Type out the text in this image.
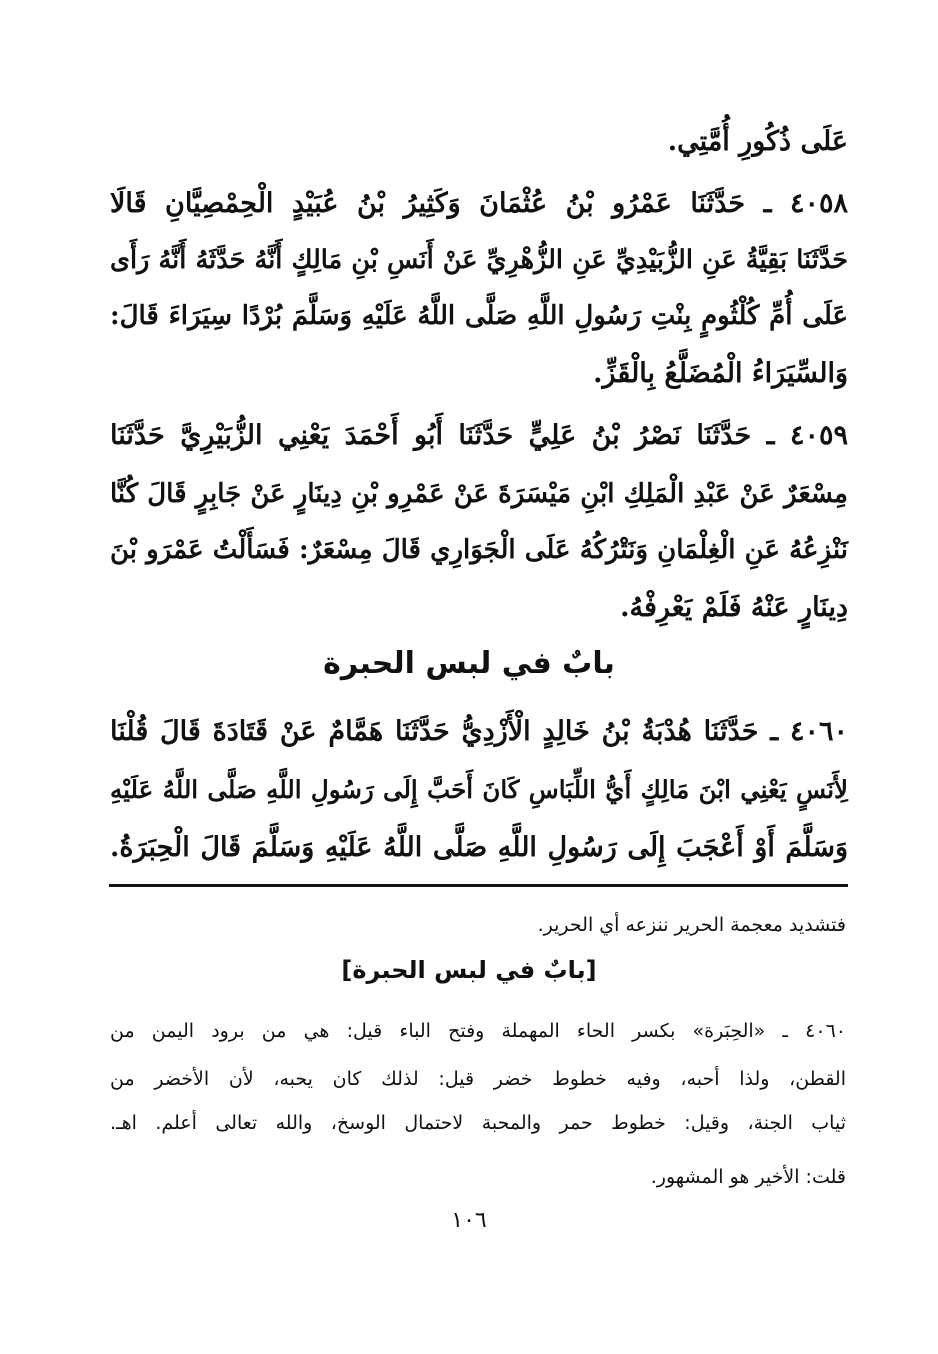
عَلَى ذُكُورِ أُمَّتِي.
٤٠٥٨ ـ حَدَّثَنَا عَمْرُو بْنُ عُثْمَانَ وَكَثِيرُ بْنُ عُبَيْدٍ الْحِمْصِيَّانِ قَالَا
حَدَّثَنَا بَقِيَّةُ عَنِ الزُّبَيْدِيِّ عَنِ الزُّهْرِيِّ عَنْ أَنَسِ بْنِ مَالِكٍ أَنَّهُ حَدَّثَهُ أَنَّهُ رَأَى
عَلَى أُمِّ كُلْثُومٍ بِنْتِ رَسُولِ اللَّهِ صَلَّى اللَّهُ عَلَيْهِ وَسَلَّمَ بُرْدًا سِيَرَاءَ قَالَ:
وَالسِّيَرَاءُ الْمُضَلَّعُ بِالْقَزِّ.
٤٠٥٩ ـ حَدَّثَنَا نَصْرُ بْنُ عَلِيٍّ حَدَّثَنَا أَبُو أَحْمَدَ يَعْنِي الزُّبَيْرِيَّ حَدَّثَنَا
مِسْعَرٌ عَنْ عَبْدِ الْمَلِكِ ابْنِ مَيْسَرَةَ عَنْ عَمْرِو بْنِ دِينَارٍ عَنْ جَابِرٍ قَالَ كُنَّا
نَنْزِعُهُ عَنِ الْغِلْمَانِ وَنَتْرُكُهُ عَلَى الْجَوَارِي قَالَ مِسْعَرٌ: فَسَأَلْتُ عَمْرَو بْنَ
دِينَارٍ عَنْهُ فَلَمْ يَعْرِفْهُ.
بابٌ في لبس الحبرة
٤٠٦٠ ـ حَدَّثَنَا هُدْبَةُ بْنُ خَالِدٍ الْأَزْدِيُّ حَدَّثَنَا هَمَّامٌ عَنْ قَتَادَةَ قَالَ قُلْنَا
لِأَنَسٍ يَعْنِي ابْنَ مَالِكٍ أَيُّ اللِّبَاسِ كَانَ أَحَبَّ إِلَى رَسُولِ اللَّهِ صَلَّى اللَّهُ عَلَيْهِ
وَسَلَّمَ أَوْ أَعْجَبَ إِلَى رَسُولِ اللَّهِ صَلَّى اللَّهُ عَلَيْهِ وَسَلَّمَ قَالَ الْحِبَرَةُ.
فتشديد معجمة الحرير ننزعه أي الحرير.
[بابٌ في لبس الحبرة]
٤٠٦٠ ـ «الحِبَرة» بكسر الحاء المهملة وفتح الباء قيل: هي من برود اليمن من
القطن، ولذا أحبه، وفيه خطوط خضر قيل: لذلك كان يحبه، لأن الأخضر من
ثياب الجنة، وقيل: خطوط حمر والمحبة لاحتمال الوسخ، والله تعالى أعلم. اهـ.
قلت: الأخير هو المشهور.
١٠٦
